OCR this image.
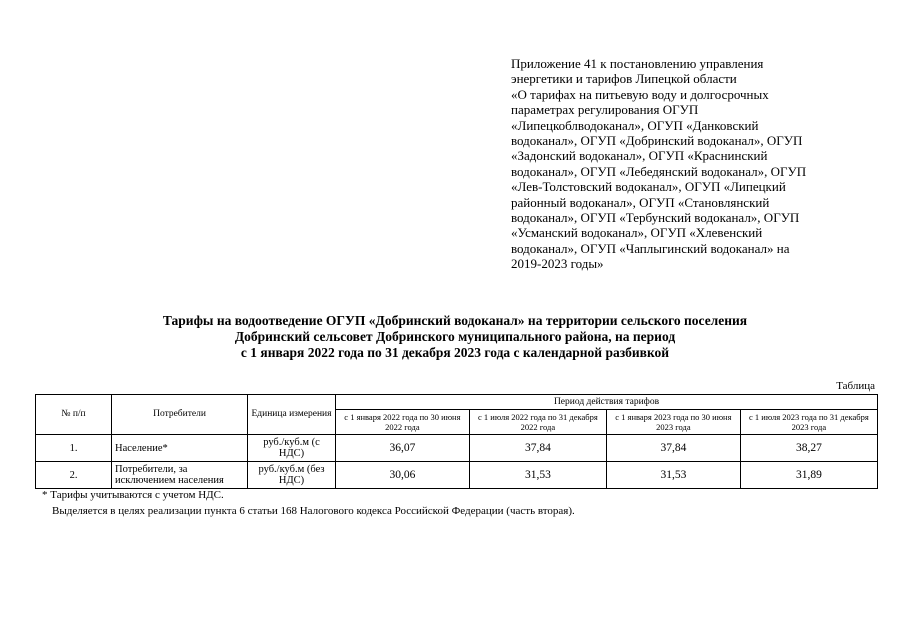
Приложение 41 к постановлению управления
энергетики и тарифов Липецкой области
«О тарифах на питьевую воду и долгосрочных
параметрах регулирования ОГУП
«Липецкоблводоканал», ОГУП «Данковский
водоканал», ОГУП «Добринский водоканал», ОГУП
«Задонский водоканал», ОГУП «Краснинский
водоканал», ОГУП «Лебедянский водоканал», ОГУП
«Лев-Толстовский водоканал», ОГУП «Липецкий
районный водоканал», ОГУП «Становлянский
водоканал», ОГУП «Тербунский водоканал», ОГУП
«Усманский водоканал», ОГУП «Хлевенский
водоканал», ОГУП «Чаплыгинский водоканал» на
2019-2023 годы»
Тарифы на водоотведение ОГУП «Добринский водоканал» на территории сельского поселения
Добринский сельсовет Добринского муниципального района, на период
с 1 января 2022 года по 31 декабря 2023 года с календарной разбивкой
Таблица
№ п/п	Потребители	Единица измерения	Период действия тарифов			
			с 1 января 2022 года по 30 июня 2022 года	с 1 июля 2022 года по 31 декабря 2022 года	с 1 января 2023 года по 30 июня 2023 года	с 1 июля 2023 года по 31 декабря 2023 года
1.	Население*	руб./куб.м (с НДС)	36,07	37,84	37,84	38,27
2.	Потребители, за исключением населения	руб./куб.м (без НДС)	30,06	31,53	31,53	31,89
* Тарифы учитываются с учетом НДС.
Выделяется в целях реализации пункта 6 статьи 168 Налогового кодекса Российской Федерации (часть вторая).
